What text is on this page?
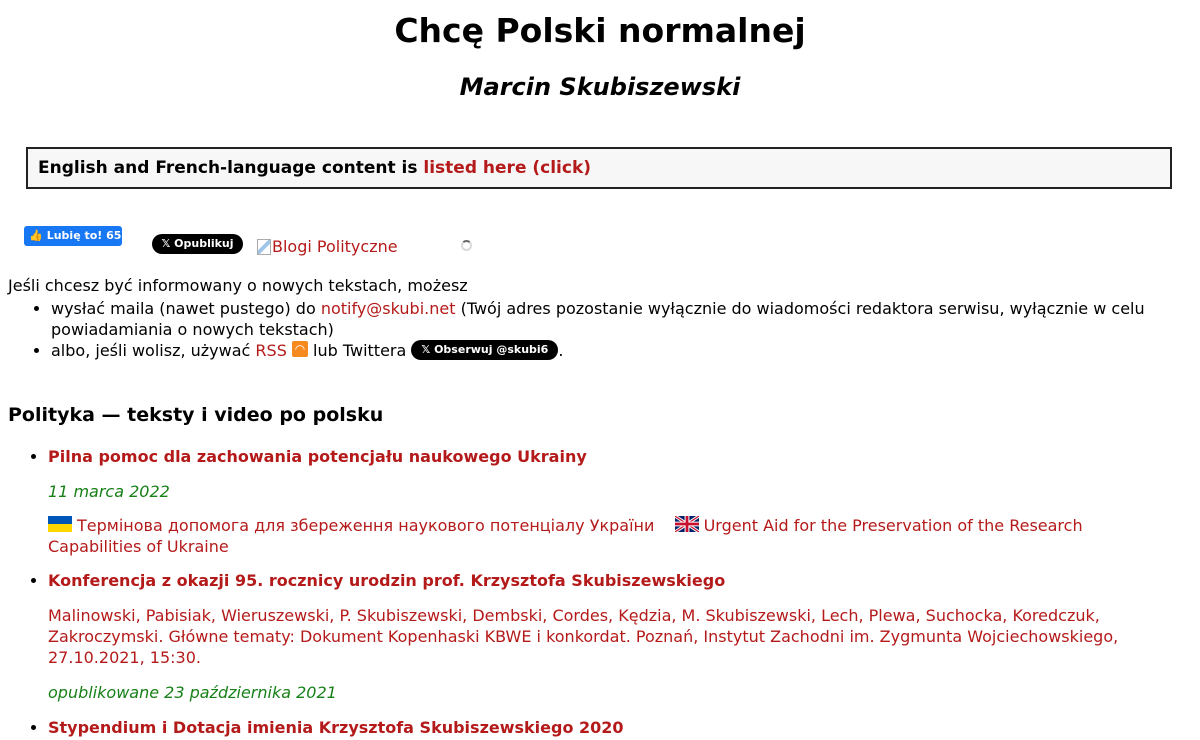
Chcę Polski normalnej
Marcin Skubiszewski
English and French-language content is listed here (click)
👍 Lubię to! 65
𝕏 Opublikuj	Blogi Polityczne

Jeśli chcesz być informowany o nowych tekstach, możesz

• wysłać maila (nawet pustego) do notify@skubi.net (Twój adres pozostanie wyłącznie do wiadomości redaktora serwisu, wyłącznie w celu powiadamiania o nowych tekstach)
• albo, jeśli wolisz, używać RSS ◠ lub Twittera 𝕏 Obserwuj @skubi6 .
Polityka — teksty i video po polsku
• Pilna pomoc dla zachowania potencjału naukowego Ukrainy
11 marca 2022
Термінова допомога для збереження наукового потенціалу України	Urgent Aid for the Preservation of the Research Capabilities of Ukraine
• Konferencja z okazji 95. rocznicy urodzin prof. Krzysztofa Skubiszewskiego
Malinowski, Pabisiak, Wieruszewski, P. Skubiszewski, Dembski, Cordes, Kędzia, M. Skubiszewski, Lech, Plewa, Suchocka, Koredczuk, Zakroczymski. Główne tematy: Dokument Kopenhaski KBWE i konkordat. Poznań, Instytut Zachodni im. Zygmunta Wojciechowskiego, 27.10.2021, 15:30.
opublikowane 23 października 2021
• Stypendium i Dotacja imienia Krzysztofa Skubiszewskiego 2020
